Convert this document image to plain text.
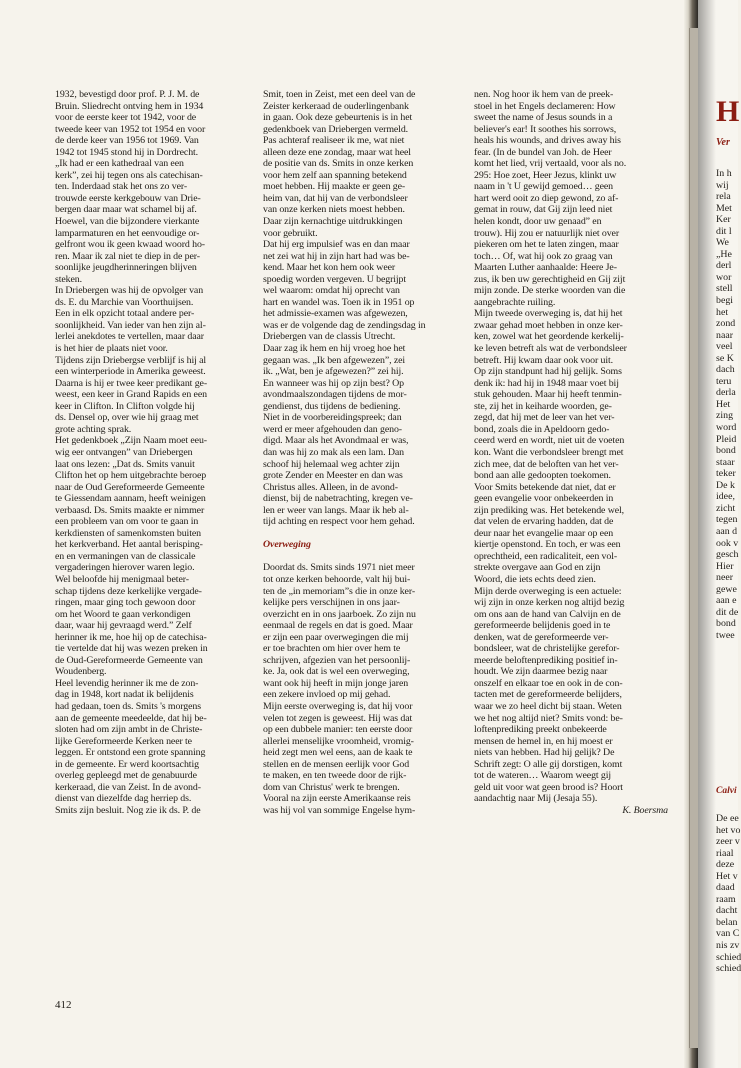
1932, bevestigd door prof. P. J. M. de
Bruin. Sliedrecht ontving hem in 1934
voor de eerste keer tot 1942, voor de
tweede keer van 1952 tot 1954 en voor
de derde keer van 1956 tot 1969. Van
1942 tot 1945 stond hij in Dordrecht.
„Ik had er een kathedraal van een
kerk”, zei hij tegen ons als catechisan-
ten. Inderdaad stak het ons zo ver-
trouwde eerste kerkgebouw van Drie-
bergen daar maar wat schamel bij af.
Hoewel, van die bijzondere vierkante
lamparmaturen en het eenvoudige or-
gelfront wou ik geen kwaad woord ho-
ren. Maar ik zal niet te diep in de per-
soonlijke jeugdherinneringen blijven
steken.
In Driebergen was hij de opvolger van
ds. E. du Marchie van Voorthuijsen.
Een in elk opzicht totaal andere per-
soonlijkheid. Van ieder van hen zijn al-
lerlei anekdotes te vertellen, maar daar
is het hier de plaats niet voor.
Tijdens zijn Driebergse verblijf is hij al
een winterperiode in Amerika geweest.
Daarna is hij er twee keer predikant ge-
weest, een keer in Grand Rapids en een
keer in Clifton. In Clifton volgde hij
ds. Densel op, over wie hij graag met
grote achting sprak.
Het gedenkboek „Zijn Naam moet eeu-
wig eer ontvangen” van Driebergen
laat ons lezen: „Dat ds. Smits vanuit
Clifton het op hem uitgebrachte beroep
naar de Oud Gereformeerde Gemeente
te Giessendam aannam, heeft weinigen
verbaasd. Ds. Smits maakte er nimmer
een probleem van om voor te gaan in
kerkdiensten of samenkomsten buiten
het kerkverband. Het aantal berisping-
en en vermaningen van de classicale
vergaderingen hierover waren legio.
Wel beloofde hij menigmaal beter-
schap tijdens deze kerkelijke vergade-
ringen, maar ging toch gewoon door
om het Woord te gaan verkondigen
daar, waar hij gevraagd werd.” Zelf
herinner ik me, hoe hij op de catechisa-
tie vertelde dat hij was wezen preken in
de Oud-Gereformeerde Gemeente van
Woudenberg.
Heel levendig herinner ik me de zon-
dag in 1948, kort nadat ik belijdenis
had gedaan, toen ds. Smits 's morgens
aan de gemeente meedeelde, dat hij be-
sloten had om zijn ambt in de Christe-
lijke Gereformeerde Kerken neer te
leggen. Er ontstond een grote spanning
in de gemeente. Er werd koortsachtig
overleg gepleegd met de genabuurde
kerkeraad, die van Zeist. In de avond-
dienst van diezelfde dag herriep ds.
Smits zijn besluit. Nog zie ik ds. P. de
Smit, toen in Zeist, met een deel van de
Zeister kerkeraad de ouderlingenbank
in gaan. Ook deze gebeurtenis is in het
gedenkboek van Driebergen vermeld.
Pas achteraf realiseer ik me, wat niet
alleen deze ene zondag, maar wat heel
de positie van ds. Smits in onze kerken
voor hem zelf aan spanning betekend
moet hebben. Hij maakte er geen ge-
heim van, dat hij van de verbondsleer
van onze kerken niets moest hebben.
Daar zijn kernachtige uitdrukkingen
voor gebruikt.
Dat hij erg impulsief was en dan maar
net zei wat hij in zijn hart had was be-
kend. Maar het kon hem ook weer
spoedig worden vergeven. U begrijpt
wel waarom: omdat hij oprecht van
hart en wandel was. Toen ik in 1951 op
het admissie-examen was afgewezen,
was er de volgende dag de zendingsdag in
Driebergen van de classis Utrecht.
Daar zag ik hem en hij vroeg hoe het
gegaan was. „Ik ben afgewezen”, zei
ik. „Wat, ben je afgewezen?” zei hij.
En wanneer was hij op zijn best? Op
avondmaalszondagen tijdens de mor-
gendienst, dus tijdens de bediening.
Niet in de voorbereidingspreek; dan
werd er meer afgehouden dan geno-
digd. Maar als het Avondmaal er was,
dan was hij zo mak als een lam. Dan
schoof hij helemaal weg achter zijn
grote Zender en Meester en dan was
Christus alles. Alleen, in de avond-
dienst, bij de nabetrachting, kregen ve-
len er weer van langs. Maar ik heb al-
tijd achting en respect voor hem gehad.
Overweging
Doordat ds. Smits sinds 1971 niet meer
tot onze kerken behoorde, valt hij bui-
ten de „in memoriam”s die in onze ker-
kelijke pers verschijnen in ons jaar-
overzicht en in ons jaarboek. Zo zijn nu
eenmaal de regels en dat is goed. Maar
er zijn een paar overwegingen die mij
er toe brachten om hier over hem te
schrijven, afgezien van het persoonlij-
ke. Ja, ook dat is wel een overweging,
want ook hij heeft in mijn jonge jaren
een zekere invloed op mij gehad.
Mijn eerste overweging is, dat hij voor
velen tot zegen is geweest. Hij was dat
op een dubbele manier: ten eerste door
allerlei menselijke vroomheid, vromig-
heid zegt men wel eens, aan de kaak te
stellen en de mensen eerlijk voor God
te maken, en ten tweede door de rijk-
dom van Christus' werk te brengen.
Vooral na zijn eerste Amerikaanse reis
was hij vol van sommige Engelse hym-
nen. Nog hoor ik hem van de preek-
stoel in het Engels declameren: How
sweet the name of Jesus sounds in a
believer's ear! It soothes his sorrows,
heals his wounds, and drives away his
fear. (In de bundel van Joh. de Heer
komt het lied, vrij vertaald, voor als no.
295: Hoe zoet, Heer Jezus, klinkt uw
naam in 't U gewijd gemoed… geen
hart werd ooit zo diep gewond, zo af-
gemat in rouw, dat Gij zijn leed niet
helen kondt, door uw genaad” en
trouw). Hij zou er natuurlijk niet over
piekeren om het te laten zingen, maar
toch… Of, wat hij ook zo graag van
Maarten Luther aanhaalde: Heere Je-
zus, ik ben uw gerechtigheid en Gij zijt
mijn zonde. De sterke woorden van die
aangebrachte ruiling.
Mijn tweede overweging is, dat hij het
zwaar gehad moet hebben in onze ker-
ken, zowel wat het geordende kerkelij-
ke leven betreft als wat de verbondsleer
betreft. Hij kwam daar ook voor uit.
Op zijn standpunt had hij gelijk. Soms
denk ik: had hij in 1948 maar voet bij
stuk gehouden. Maar hij heeft tenmin-
ste, zij het in keiharde woorden, ge-
zegd, dat hij met de leer van het ver-
bond, zoals die in Apeldoorn gedo-
ceerd werd en wordt, niet uit de voeten
kon. Want die verbondsleer brengt met
zich mee, dat de beloften van het ver-
bond aan alle gedoopten toekomen.
Voor Smits betekende dat niet, dat er
geen evangelie voor onbekeerden in
zijn prediking was. Het betekende wel,
dat velen de ervaring hadden, dat de
deur naar het evangelie maar op een
kiertje openstond. En toch, er was een
oprechtheid, een radicaliteit, een vol-
strekte overgave aan God en zijn
Woord, die iets echts deed zien.
Mijn derde overweging is een actuele:
wij zijn in onze kerken nog altijd bezig
om ons aan de hand van Calvijn en de
gereformeerde belijdenis goed in te
denken, wat de gereformeerde ver-
bondsleer, wat de christelijke gerefor-
meerde beloftenprediking positief in-
houdt. We zijn daarmee bezig naar
onszelf en elkaar toe en ook in de con-
tacten met de gereformeerde belijders,
waar we zo heel dicht bij staan. Weten
we het nog altijd niet? Smits vond: be-
loftenprediking preekt onbekeerde
mensen de hemel in, en hij moest er
niets van hebben. Had hij gelijk? De
Schrift zegt: O alle gij dorstigen, komt
tot de wateren… Waarom weegt gij
geld uit voor wat geen brood is? Hoort
aandachtig naar Mij (Jesaja 55).
K. Boersma
412
H
Ver
In h
wij
rela
Met
Ker
dit l
We
„He
derl
wor
stell
begi
het
zond
naar
veel
se K
dach
teru
derla
Het
zing
word
Pleid
bond
staar
teker
De k
idee,
zicht
tegen
aan d
ook v
gesch
Hier
neer
gewe
aan e
dit de
bond
twee
Calvi
De ee
het vo
zeer v
riaal
deze
Het v
daad
raam
dacht
belan
van C
nis zv
schied
schied
